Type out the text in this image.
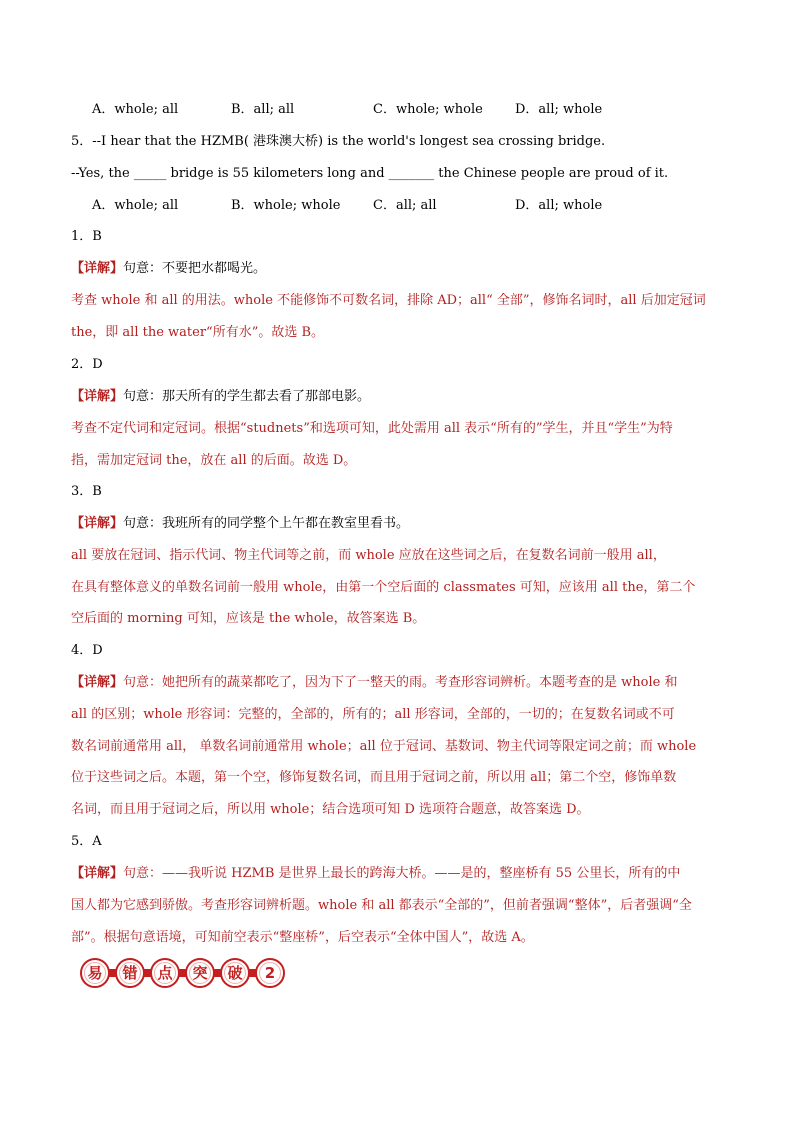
A．whole; all	B．all; all	C．whole; whole D．all; whole
5．--I hear that the HZMB( 港珠澳大桥) is the world's longest sea crossing bridge.
--Yes, the _____ bridge is 55 kilometers long and _______ the Chinese people are proud of it.
A．whole; all	B．whole; whole	C．all; all	D．all; whole
1．B
【详解】句意：不要把水都喝光。
考查 whole 和 all 的用法。whole 不能修饰不可数名词，排除 AD；all“ 全部”，修饰名词时，all 后加定冠词
the，即 all the water“所有水”。故选 B。
2．D
【详解】句意：那天所有的学生都去看了那部电影。
考查不定代词和定冠词。根据“studnets”和选项可知，此处需用 all 表示“所有的”学生，并且“学生”为特
指，需加定冠词 the，放在 all 的后面。故选 D。
3．B
【详解】句意：我班所有的同学整个上午都在教室里看书。
all 要放在冠词、指示代词、物主代词等之前，而 whole 应放在这些词之后，在复数名词前一般用 all，
在具有整体意义的单数名词前一般用 whole，由第一个空后面的 classmates 可知，应该用 all the，第二个
空后面的 morning 可知，应该是 the whole，故答案选 B。
4．D
【详解】句意：她把所有的蔬菜都吃了，因为下了一整天的雨。考查形容词辨析。本题考查的是 whole 和
all 的区别；whole 形容词：完整的，全部的，所有的；all 形容词，全部的，一切的；在复数名词或不可
数名词前通常用 all， 单数名词前通常用 whole；all 位于冠词、基数词、物主代词等限定词之前；而 whole
位于这些词之后。本题，第一个空，修饰复数名词，而且用于冠词之前，所以用 all；第二个空，修饰单数
名词，而且用于冠词之后，所以用 whole；结合选项可知 D 选项符合题意，故答案选 D。
5．A
【详解】句意：——我听说 HZMB 是世界上最长的跨海大桥。——是的，整座桥有 55 公里长，所有的中
国人都为它感到骄傲。考查形容词辨析题。whole 和 all 都表示“全部的”，但前者强调“整体”，后者强调“全
部”。根据句意语境，可知前空表示“整座桥”，后空表示“全体中国人”，故选 A。
易	错	点	突	破	2
